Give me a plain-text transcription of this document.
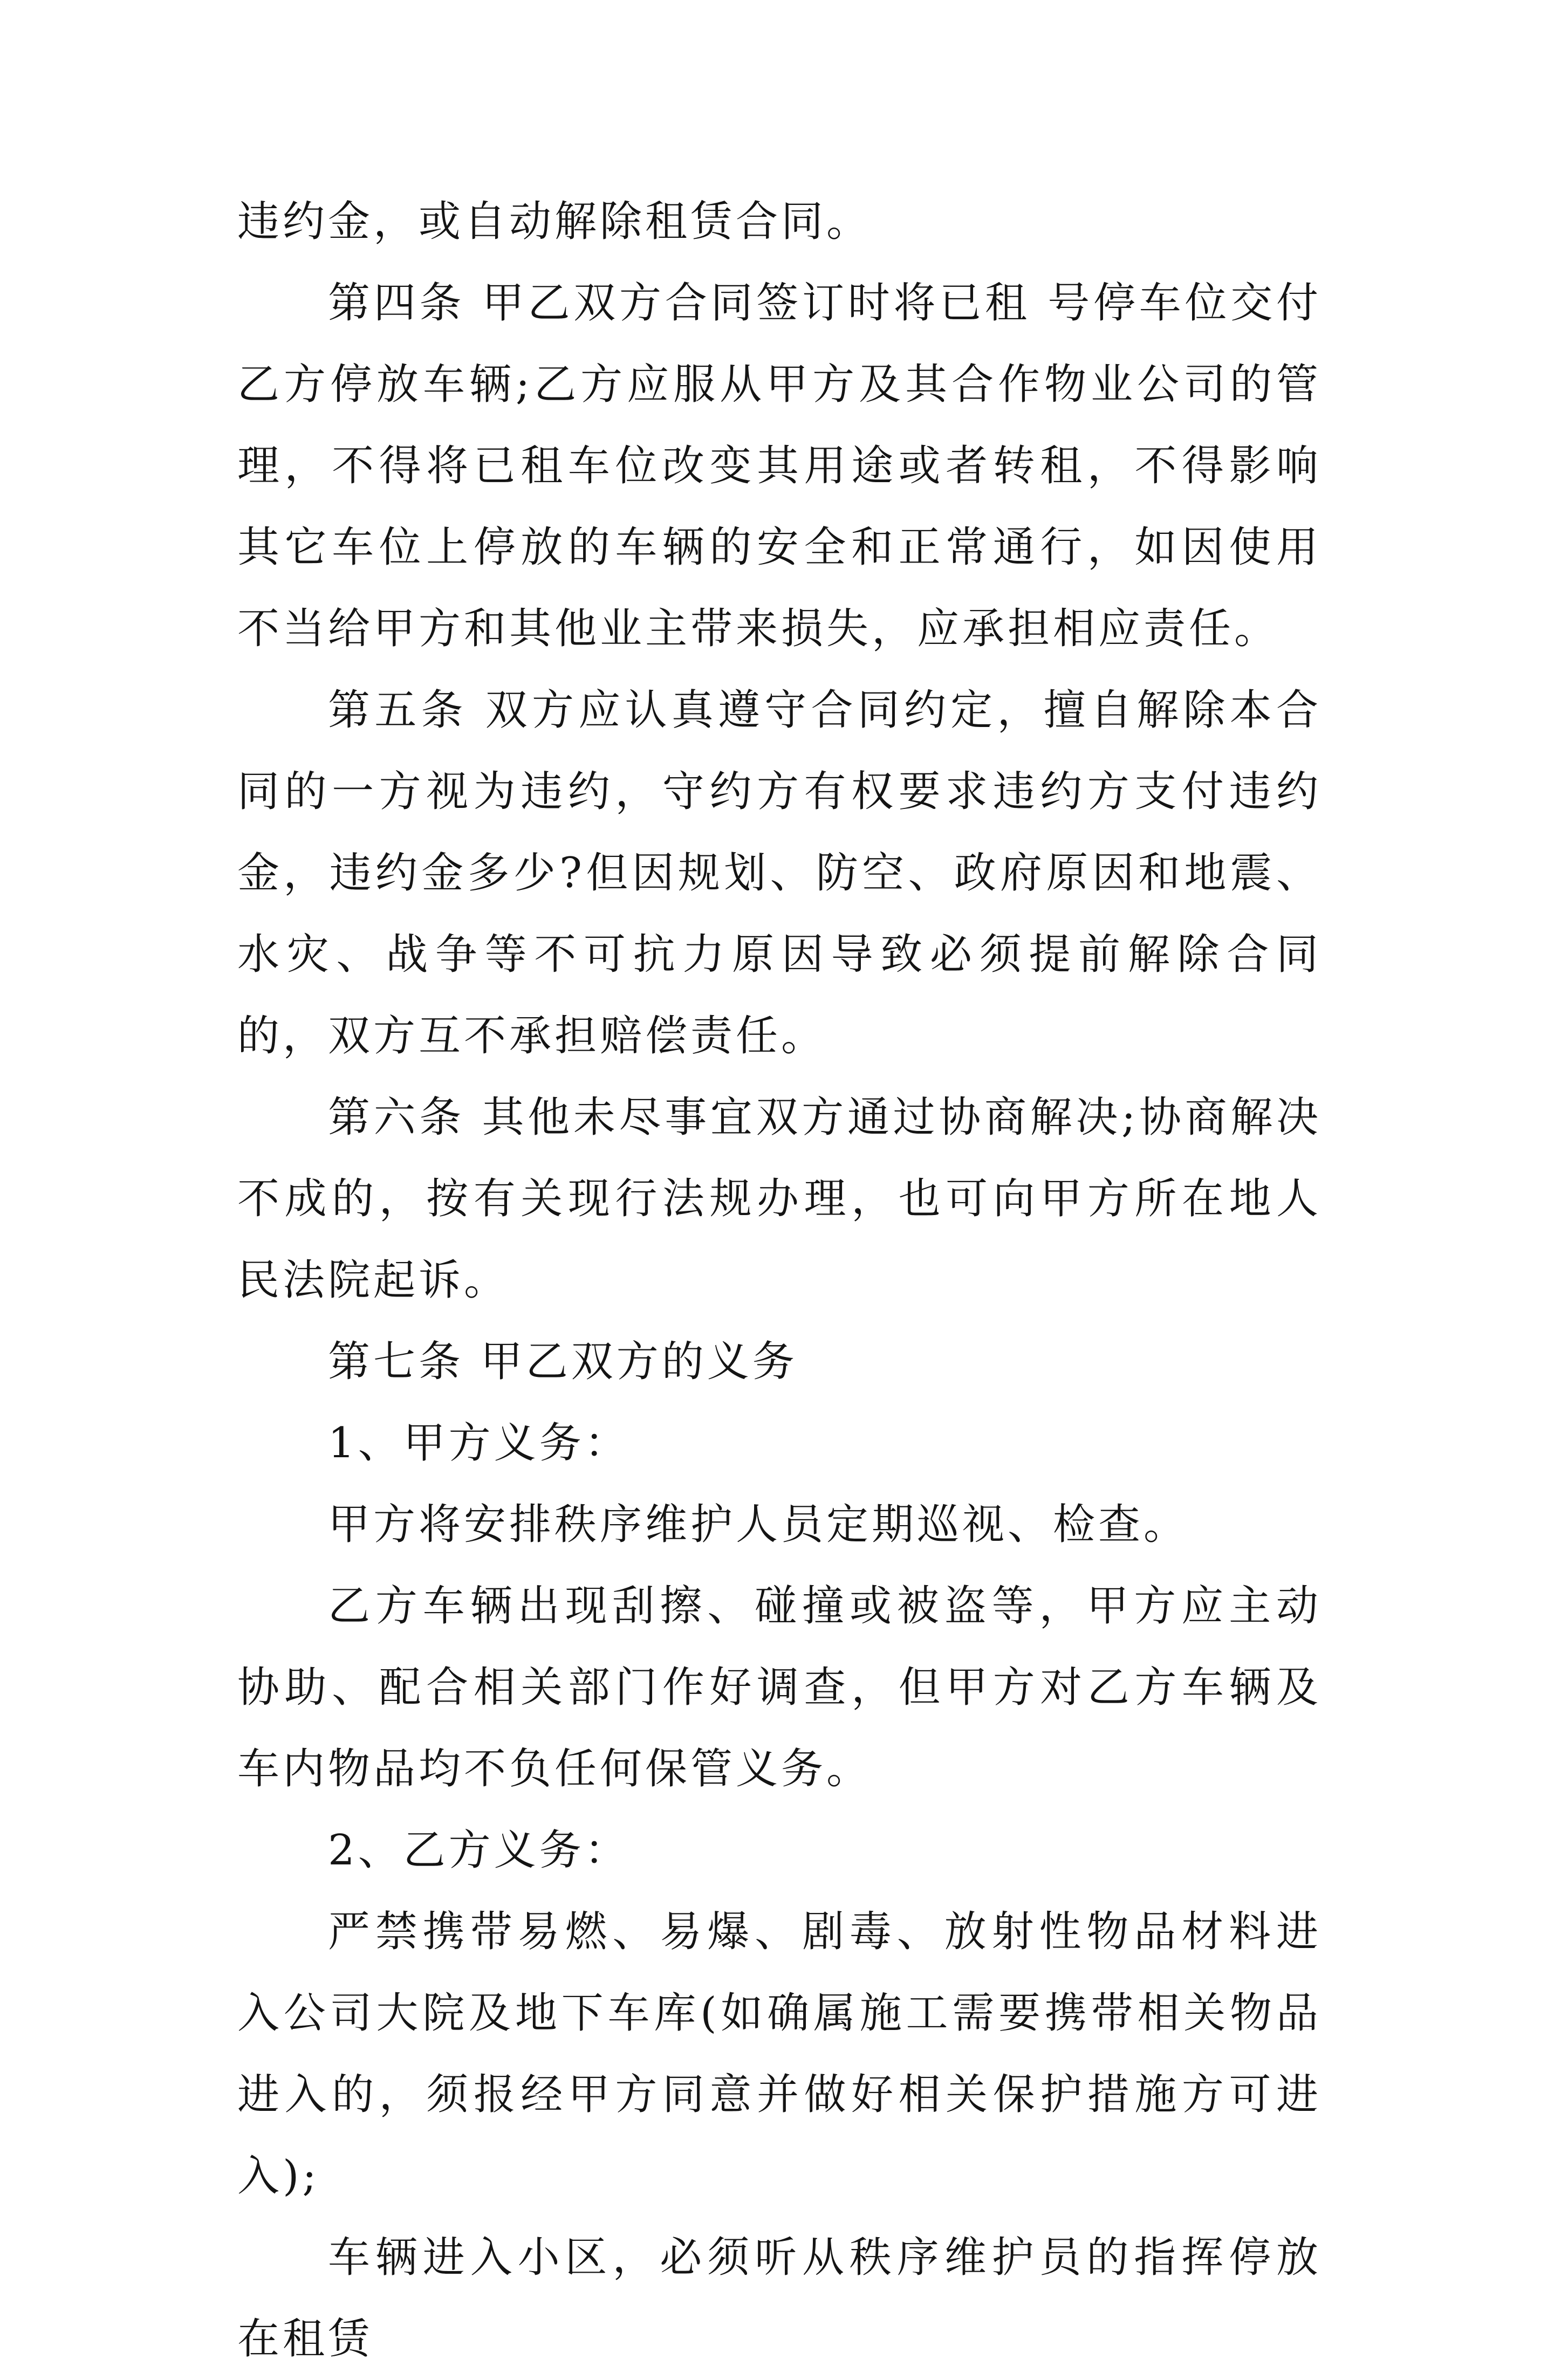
违约金，或自动解除租赁合同。

第四条 甲乙双方合同签订时将已租 号停车位交付乙方停放车辆;乙方应服从甲方及其合作物业公司的管理，不得将已租车位改变其用途或者转租，不得影响其它车位上停放的车辆的安全和正常通行，如因使用不当给甲方和其他业主带来损失，应承担相应责任。

第五条 双方应认真遵守合同约定，擅自解除本合同的一方视为违约，守约方有权要求违约方支付违约金，违约金多少?但因规划、防空、政府原因和地震、水灾、战争等不可抗力原因导致必须提前解除合同的，双方互不承担赔偿责任。

第六条 其他未尽事宜双方通过协商解决;协商解决不成的，按有关现行法规办理，也可向甲方所在地人民法院起诉。

第七条 甲乙双方的义务

1、甲方义务：

甲方将安排秩序维护人员定期巡视、检查。

乙方车辆出现刮擦、碰撞或被盗等，甲方应主动协助、配合相关部门作好调查，但甲方对乙方车辆及车内物品均不负任何保管义务。

2、乙方义务：

严禁携带易燃、易爆、剧毒、放射性物品材料进入公司大院及地下车库(如确属施工需要携带相关物品进入的，须报经甲方同意并做好相关保护措施方可进入);

车辆进入小区，必须听从秩序维护员的指挥停放在租赁
